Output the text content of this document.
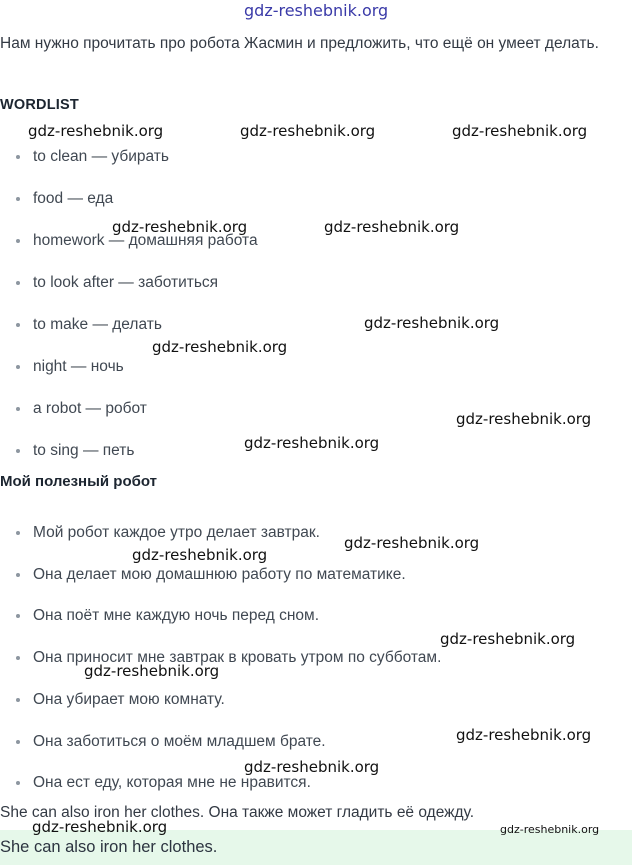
Нам нужно прочитать про робота Жасмин и предложить, что ещё он умеет делать.

WORDLIST
to clean — убирать
food — еда
homework — домашняя работа
to look after — заботиться
to make — делать
night — ночь
a robot — робот
to sing — петь
Мой полезный робот
Мой робот каждое утро делает завтрак.
Она делает мою домашнюю работу по математике.
Она поёт мне каждую ночь перед сном.
Она приносит мне завтрак в кровать утром по субботам.
Она убирает мою комнату.
Она заботиться о моём младшем брате.
Она ест еду, которая мне не нравится.

She can also iron her clothes. Она также может гладить её одежду.

She can also iron her clothes.

gdz-reshebnik.org
gdz-reshebnik.org	gdz-reshebnik.org	gdz-reshebnik.org
gdz-reshebnik.org	gdz-reshebnik.org
gdz-reshebnik.org
gdz-reshebnik.org
gdz-reshebnik.org
gdz-reshebnik.org
gdz-reshebnik.org
gdz-reshebnik.org
gdz-reshebnik.org
gdz-reshebnik.org
gdz-reshebnik.org
gdz-reshebnik.org
gdz-reshebnik.org	gdz-reshebnik.org
